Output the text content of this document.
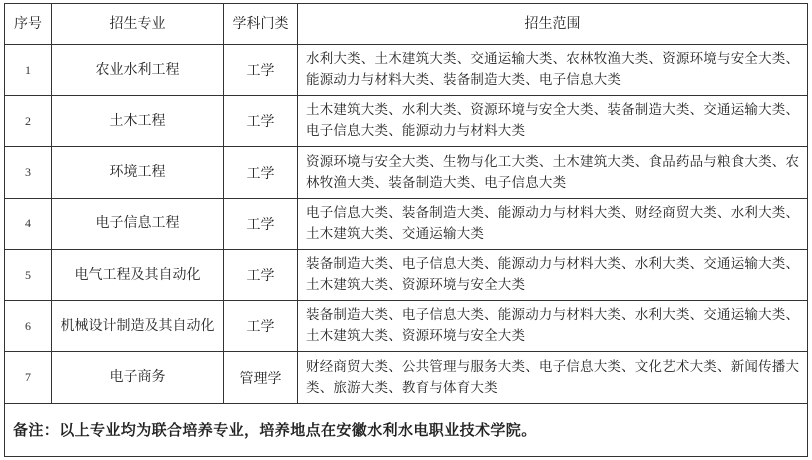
序号	招生专业	学科门类	招生范围
1	农业水利工程	工学	水利大类、土木建筑大类、交通运输大类、农林牧渔大类、资源环境与安全大类、能源动力与材料大类、装备制造大类、电子信息大类
2	土木工程	工学	土木建筑大类、水利大类、资源环境与安全大类、装备制造大类、交通运输大类、电子信息大类、能源动力与材料大类
3	环境工程	工学	资源环境与安全大类、生物与化工大类、土木建筑大类、食品药品与粮食大类、农林牧渔大类、装备制造大类、电子信息大类
4	电子信息工程	工学	电子信息大类、装备制造大类、能源动力与材料大类、财经商贸大类、水利大类、土木建筑大类、交通运输大类
5	电气工程及其自动化	工学	装备制造大类、电子信息大类、能源动力与材料大类、水利大类、交通运输大类、土木建筑大类、资源环境与安全大类
6	机械设计制造及其自动化	工学	装备制造大类、电子信息大类、能源动力与材料大类、水利大类、交通运输大类、土木建筑大类、资源环境与安全大类
7	电子商务	管理学	财经商贸大类、公共管理与服务大类、电子信息大类、文化艺术大类、新闻传播大类、旅游大类、教育与体育大类
备注：以上专业均为联合培养专业，培养地点在安徽水利水电职业技术学院。			
